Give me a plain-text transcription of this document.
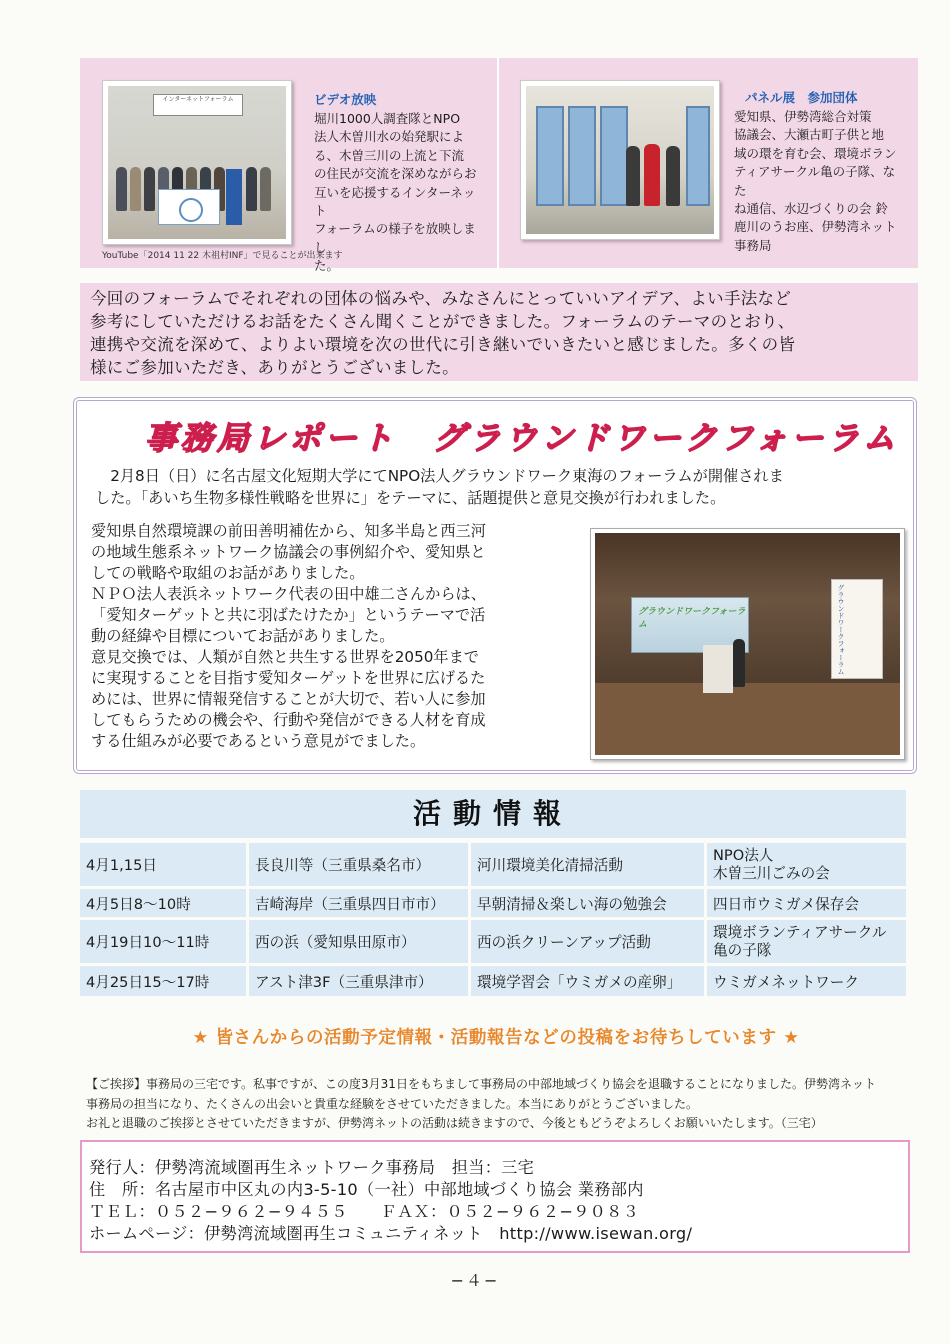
インターネットフォーラム	ビデオ放映
堀川1000人調査隊とNPO
法人木曽川水の始発駅によ
る、木曽三川の上流と下流
の住民が交流を深めながらお
互いを応援するインターネット
フォーラムの様子を放映しまし
た。
YouTube「2014 11 22 木祖村INF」で見ることが出来ます
パネル展　参加団体
愛知県、伊勢湾総合対策
協議会、大瀬古町子供と地
域の環を育む会、環境ボラン
ティアサークル亀の子隊、なた
ね通信、水辺づくりの会 鈴
鹿川のうお座、伊勢湾ネット
事務局
今回のフォーラムでそれぞれの団体の悩みや、みなさんにとっていいアイデア、よい手法など
参考にしていただけるお話をたくさん聞くことができました。フォーラムのテーマのとおり、
連携や交流を深めて、よりよい環境を次の世代に引き継いでいきたいと感じました。多くの皆
様にご参加いただき、ありがとうございました。
事務局レポート　グラウンドワークフォーラム
　2月8日（日）に名古屋文化短期大学にてNPO法人グラウンドワーク東海のフォーラムが開催されま
した。「あいち生物多様性戦略を世界に」をテーマに、話題提供と意見交換が行われました。
愛知県自然環境課の前田善明補佐から、知多半島と西三河
の地域生態系ネットワーク協議会の事例紹介や、愛知県と
しての戦略や取組のお話がありました。
ＮＰＯ法人表浜ネットワーク代表の田中雄二さんからは、
「愛知ターゲットと共に羽ばたけたか」というテーマで活
動の経緯や目標についてお話がありました。
意見交換では、人類が自然と共生する世界を2050年まで
に実現することを目指す愛知ターゲットを世界に広げるた
めには、世界に情報発信することが大切で、若い人に参加
してもらうための機会や、行動や発信ができる人材を育成
する仕組みが必要であるという意見がでました。
グラウンドワークフォーラム	グラウンドワークフォーラム
活動情報
4月1,15日	長良川等（三重県桑名市）	河川環境美化清掃活動	NPO法人
木曽三川ごみの会
4月5日8〜10時	吉崎海岸（三重県四日市市）	早朝清掃＆楽しい海の勉強会	四日市ウミガメ保存会
4月19日10〜11時	西の浜（愛知県田原市）	西の浜クリーンアップ活動	環境ボランティアサークル
亀の子隊
4月25日15〜17時	アスト津3F（三重県津市）	環境学習会「ウミガメの産卵」	ウミガメネットワーク
★ 皆さんからの活動予定情報・活動報告などの投稿をお待ちしています ★
【ご挨拶】事務局の三宅です。私事ですが、この度3月31日をもちまして事務局の中部地域づくり協会を退職することになりました。伊勢湾ネット
事務局の担当になり、たくさんの出会いと貴重な経験をさせていただきました。本当にありがとうございました。
お礼と退職のご挨拶とさせていただきますが、伊勢湾ネットの活動は続きますので、今後ともどうぞよろしくお願いいたします。（三宅）
発行人：伊勢湾流域圏再生ネットワーク事務局　担当：三宅
住　所：名古屋市中区丸の内3-5-10（一社）中部地域づくり協会 業務部内
ＴＥＬ：０５２−９６２−９４５５　　ＦＡＸ：０５２−９６２−９０８３
ホームページ：伊勢湾流域圏再生コミュニティネット　http://www.isewan.org/
−４−
